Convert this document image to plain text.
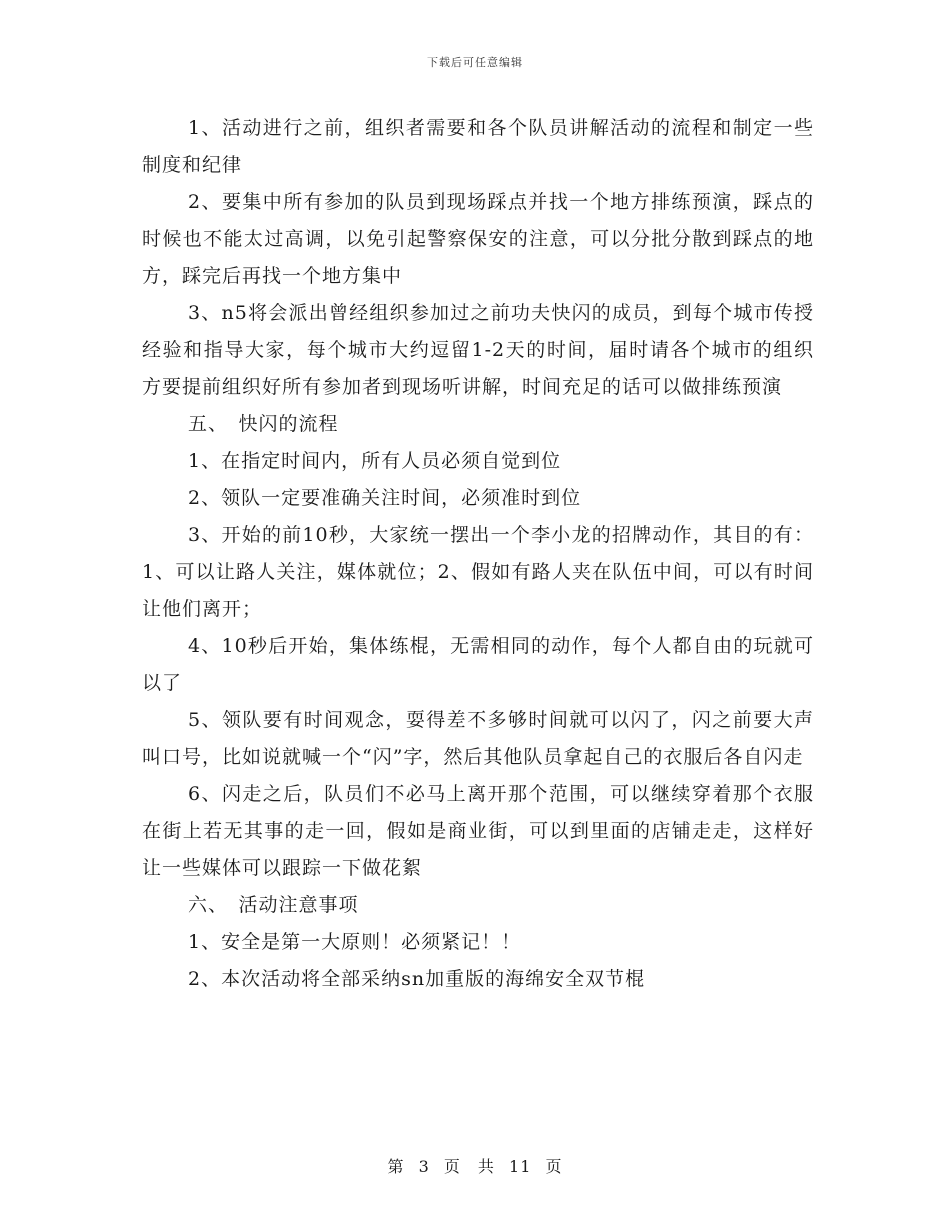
下载后可任意编辑

1、活动进行之前，组织者需要和各个队员讲解活动的流程和制定一些制度和纪律

2、要集中所有参加的队员到现场踩点并找一个地方排练预演，踩点的时候也不能太过高调，以免引起警察保安的注意，可以分批分散到踩点的地方，踩完后再找一个地方集中

3、n5将会派出曾经组织参加过之前功夫快闪的成员，到每个城市传授经验和指导大家，每个城市大约逗留1-2天的时间，届时请各个城市的组织方要提前组织好所有参加者到现场听讲解，时间充足的话可以做排练预演

五、　快闪的流程

1、在指定时间内，所有人员必须自觉到位

2、领队一定要准确关注时间，必须准时到位

3、开始的前10秒，大家统一摆出一个李小龙的招牌动作，其目的有：1、可以让路人关注，媒体就位；2、假如有路人夹在队伍中间，可以有时间让他们离开；

4、10秒后开始，集体练棍，无需相同的动作，每个人都自由的玩就可以了

5、领队要有时间观念，耍得差不多够时间就可以闪了，闪之前要大声叫口号，比如说就喊一个“闪”字，然后其他队员拿起自己的衣服后各自闪走

6、闪走之后，队员们不必马上离开那个范围，可以继续穿着那个衣服在街上若无其事的走一回，假如是商业街，可以到里面的店铺走走，这样好让一些媒体可以跟踪一下做花絮

六、　活动注意事项

1、安全是第一大原则！必须紧记！！

2、本次活动将全部采纳sn加重版的海绵安全双节棍

第 3 页　共 11 页
